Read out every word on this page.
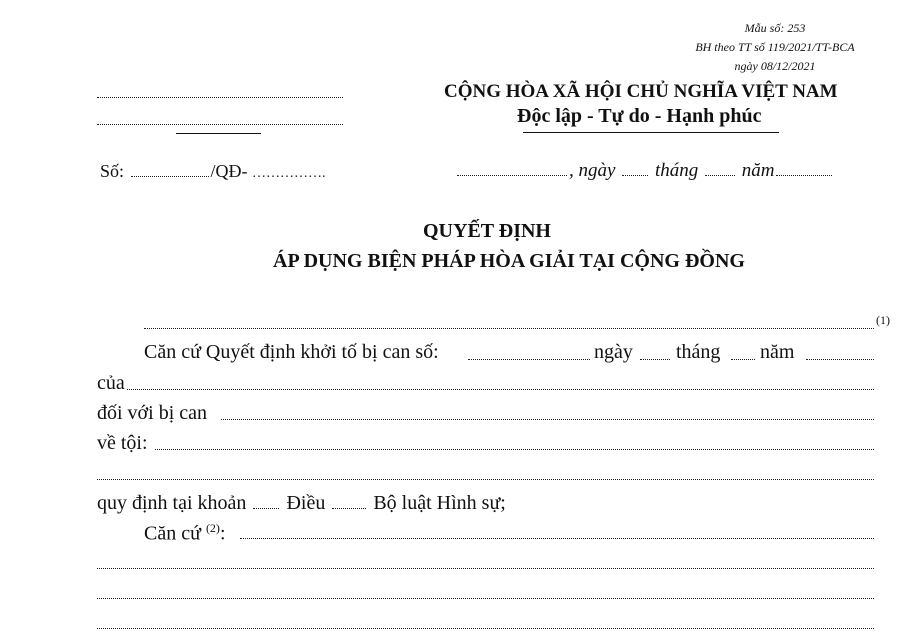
Mẫu số: 253
BH theo TT số 119/2021/TT-BCA
ngày 08/12/2021
CỘNG HÒA XÃ HỘI CHỦ NGHĨA VIỆT NAM
Độc lập - Tự do - Hạnh phúc
Số:	/QĐ- …………….	, ngày tháng năm
QUYẾT ĐỊNH
ÁP DỤNG BIỆN PHÁP HÒA GIẢI TẠI CỘNG ĐỒNG
(1)
Căn cứ Quyết định khởi tố bị can số:	ngày tháng năm
của
đối với bị can
về tội:
quy định tại khoản Điều Bộ luật Hình sự;
Căn cứ $^{(2)}$:
